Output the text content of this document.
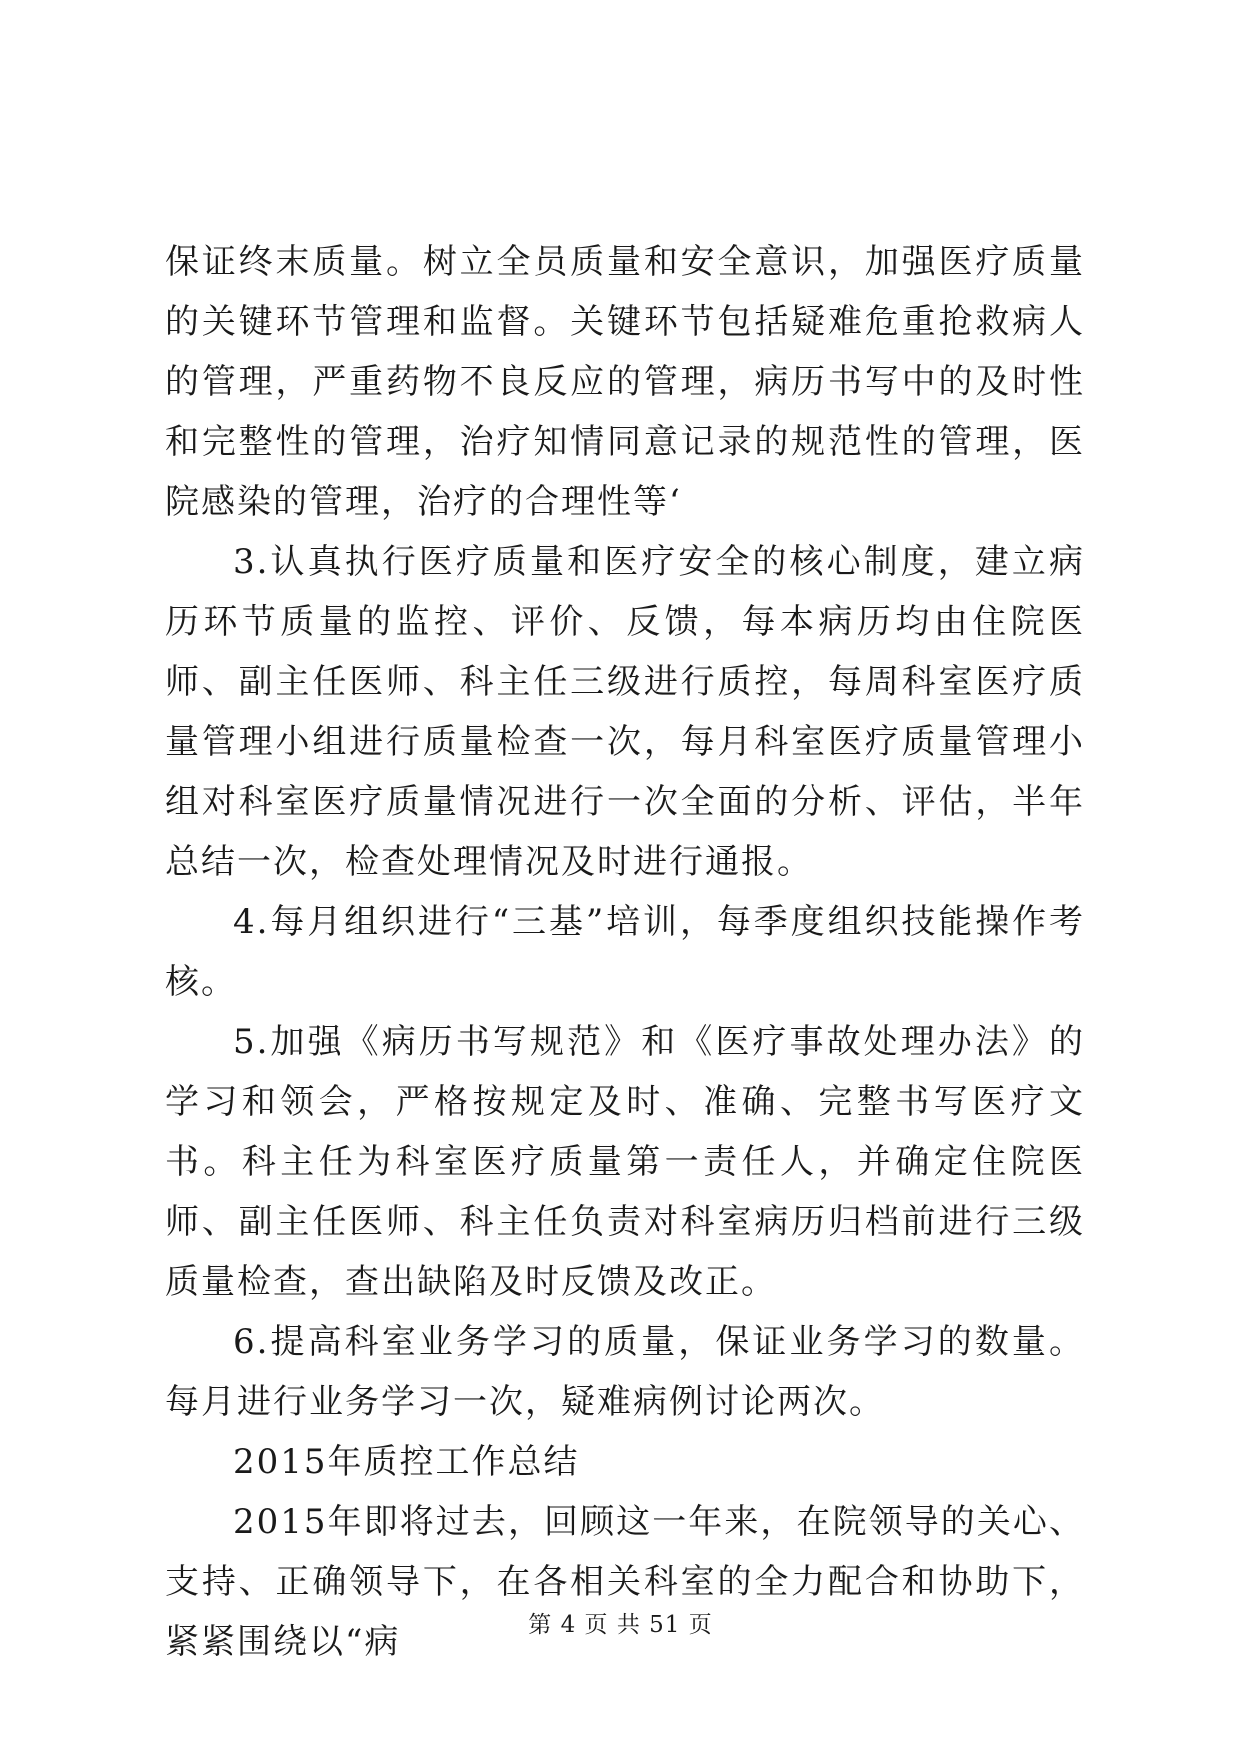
保证终末质量。树立全员质量和安全意识，加强医疗质量的关键环节管理和监督。关键环节包括疑难危重抢救病人的管理，严重药物不良反应的管理，病历书写中的及时性和完整性的管理，治疗知情同意记录的规范性的管理，医院感染的管理，治疗的合理性等‘

3.认真执行医疗质量和医疗安全的核心制度，建立病历环节质量的监控、评价、反馈，每本病历均由住院医师、副主任医师、科主任三级进行质控，每周科室医疗质量管理小组进行质量检查一次，每月科室医疗质量管理小组对科室医疗质量情况进行一次全面的分析、评估，半年总结一次，检查处理情况及时进行通报。

4.每月组织进行“三基”培训，每季度组织技能操作考核。

5.加强《病历书写规范》和《医疗事故处理办法》的学习和领会，严格按规定及时、准确、完整书写医疗文书。科主任为科室医疗质量第一责任人，并确定住院医师、副主任医师、科主任负责对科室病历归档前进行三级质量检查，查出缺陷及时反馈及改正。

6.提高科室业务学习的质量，保证业务学习的数量。每月进行业务学习一次，疑难病例讨论两次。

2015年质控工作总结

2015年即将过去，回顾这一年来，在院领导的关心、支持、正确领导下，在各相关科室的全力配合和协助下，紧紧围绕以“病	第 4 页 共 51 页
